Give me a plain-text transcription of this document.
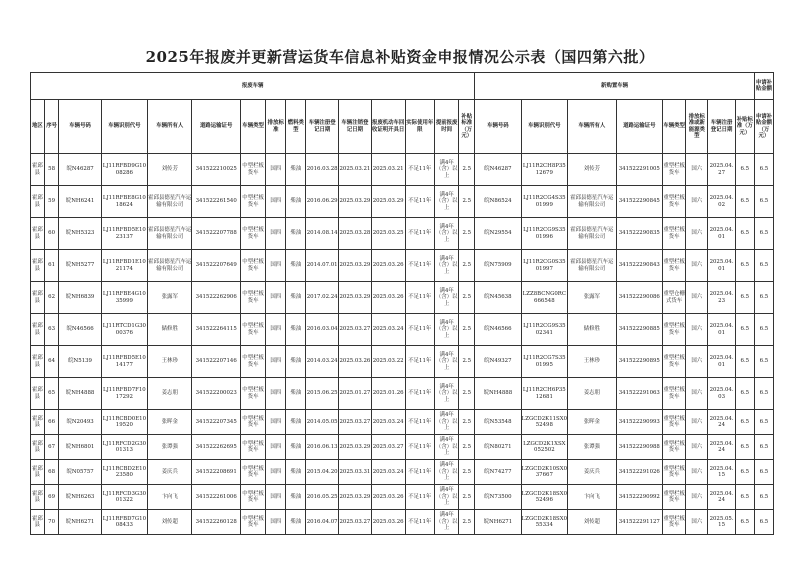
2025年报废并更新营运货车信息补贴资金申报情况公示表（国四第六批）
报废车辆															新购置车辆								申请补贴金额
地区	序号	车辆号码	车辆识别代号	车辆所有人	道路运输证号	车辆类型	排放标准	燃料类型	车辆注册登记日期	车辆注销登记日期	报废机动车回收证明开具日	实际使用年限	提前报废时间	补贴标准（万元）	车辆号码	车辆识别代号	车辆所有人	道路运输证号	车辆类型	排放标准或新能源类型	车辆注册登记日期	补贴标准（万元）	申请补贴金额（万元）
霍邱县	58	皖N46287	LJ11RFBD9G1008286	刘传芳	341522210025	中型栏板货车	国四	柴油	2016.03.28	2025.03.21	2025.03.21	不足11年	满4年（含）以上	2.5	皖N46287	LJ11R2CH8P3512679	刘传芳	341522291005	重型栏板货车	国六	2025.04.27	6.5	6.5
霍邱县	59	皖NH6241	LJ11RFBE8G1018624	霍邱县德星汽车运输有限公司	341522261540	中型栏板货车	国四	柴油	2016.06.29	2025.03.29	2025.03.29	不足11年	满4年（含）以上	2.5	皖N86524	LJ11R2CG4S3501999	霍邱县德星汽车运输有限公司	341522290845	重型栏板货车	国六	2025.04.02	6.5	6.5
霍邱县	60	皖NH5323	LJ11RFBD5E1023137	霍邱县德星汽车运输有限公司	341522207788	中型栏板货车	国四	柴油	2014.08.14	2025.03.28	2025.03.25	不足11年	满4年（含）以上	2.5	皖N29554	LJ11R2CG9S3501996	霍邱县德星汽车运输有限公司	341522290835	重型栏板货车	国六	2025.04.01	6.5	6.5
霍邱县	61	皖NH5277	LJ11RFBD1E1021174	霍邱县德星汽车运输有限公司	341522207649	中型栏板货车	国四	柴油	2014.07.01	2025.03.29	2025.03.26	不足11年	满4年（含）以上	2.5	皖N75909	LJ11R2CG0S3501997	霍邱县德星汽车运输有限公司	341522290843	重型栏板货车	国六	2025.04.01	6.5	6.5
霍邱县	62	皖NH6839	LJ11RFBE4G1035999	张露军	341522262906	中型栏板货车	国四	柴油	2017.02.24	2025.03.29	2025.03.26	不足11年	满4年（含）以上	2.5	皖N45638	LZZ8BCNG0RC666548	张露军	341522290086	重型仓栅式货车	国六	2025.04.23	6.5	6.5
霍邱县	63	皖N46566	LJ11RTCD1G3000376	储修胜	341522264115	中型栏板货车	国四	柴油	2016.03.04	2025.03.27	2025.03.24	不足11年	满4年（含）以上	2.5	皖N46566	LJ11R2CG9S3502341	储修胜	341522290885	重型栏板货车	国六	2025.04.01	6.5	6.5
霍邱县	64	皖N5139	LJ11RFBD5E1014177	王林珍	341522207146	中型栏板货车	国四	柴油	2014.03.24	2025.03.26	2025.03.22	不足11年	满4年（含）以上	2.5	皖N49327	LJ11R2CG7S3501995	王林珍	341522290895	重型栏板货车	国六	2025.04.01	6.5	6.5
霍邱县	65	皖NH4888	LJ11RFBD7F1017292	姜志朋	341522200023	中型栏板货车	国四	柴油	2015.06.25	2025.01.27	2025.01.26	不足11年	满4年（含）以上	2.5	皖NH4888	LJ11R2CH6P3512681	姜志朋	341522291063	重型栏板货车	国六	2025.04.03	6.5	6.5
霍邱县	66	皖N20493	LJ11RCBD0E1019520	张晖金	341522207345	中型栏板货车	国四	柴油	2014.05.05	2025.03.27	2025.03.24	不足11年	满4年（含）以上	2.5	皖N53548	LZGCD2K11SX052498	张晖金	341522290993	重型栏板货车	国六	2025.04.24	6.5	6.5
霍邱县	67	皖NH6801	LJ11RFCD2G3001313	张谭强	341522262695	中型栏板货车	国四	柴油	2016.06.13	2025.03.29	2025.03.27	不足11年	满4年（含）以上	2.5	皖N80271	LZGCD2K1XSX052502	张谭强	341522290988	重型栏板货车	国六	2025.04.24	6.5	6.5
霍邱县	68	皖N05757	LJ11RCBD2E1023580	姜庆兵	341522208691	中型栏板货车	国四	柴油	2015.04.20	2025.03.31	2025.03.24	不足11年	满4年（含）以上	2.5	皖N74277	LZGCD2K10SX037667	姜庆兵	341522291026	重型栏板货车	国六	2025.04.15	6.5	6.5
霍邱县	69	皖NH6263	LJ11RFCD3G3001322	卞向飞	341522261006	中型栏板货车	国四	柴油	2016.05.25	2025.03.29	2025.03.26	不足11年	满4年（含）以上	2.5	皖N73500	LZGCD2K18SX052496	卞向飞	341522290992	重型栏板货车	国六	2025.04.24	6.5	6.5
霍邱县	70	皖NH6271	LJ11RFBD7G1008433	刘传超	341522260128	中型栏板货车	国四	柴油	2016.04.07	2025.03.27	2025.03.26	不足11年	满4年（含）以上	2.5	皖NH6271	LZGCD2K18SX055334	刘传超	341522291127	重型栏板货车	国六	2025.05.15	6.5	6.5
